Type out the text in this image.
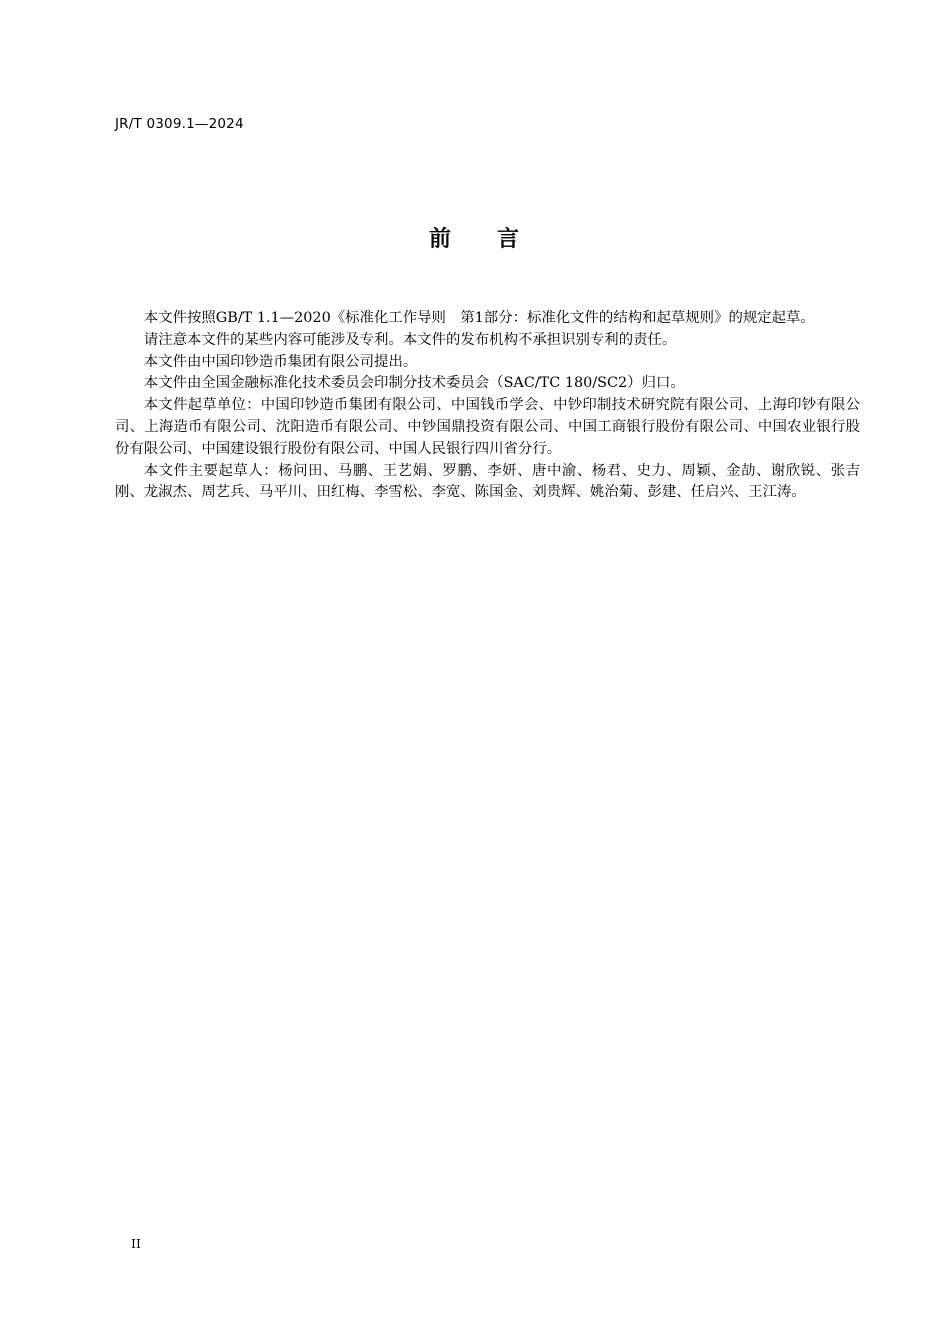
JR/T 0309.1—2024
前 言

本文件按照GB/T 1.1—2020《标准化工作导则　第1部分：标准化文件的结构和起草规则》的规定起草。

请注意本文件的某些内容可能涉及专利。本文件的发布机构不承担识别专利的责任。

本文件由中国印钞造币集团有限公司提出。

本文件由全国金融标准化技术委员会印制分技术委员会（SAC/TC 180/SC2）归口。

本文件起草单位：中国印钞造币集团有限公司、中国钱币学会、中钞印制技术研究院有限公司、上海印钞有限公司、上海造币有限公司、沈阳造币有限公司、中钞国鼎投资有限公司、中国工商银行股份有限公司、中国农业银行股份有限公司、中国建设银行股份有限公司、中国人民银行四川省分行。

本文件主要起草人：杨问田、马鹏、王艺娟、罗鹏、李妍、唐中渝、杨君、史力、周颖、金劼、谢欣锐、张吉刚、龙淑杰、周艺兵、马平川、田红梅、李雪松、李宽、陈国金、刘贵辉、姚治菊、彭建、任启兴、王江涛。

II
